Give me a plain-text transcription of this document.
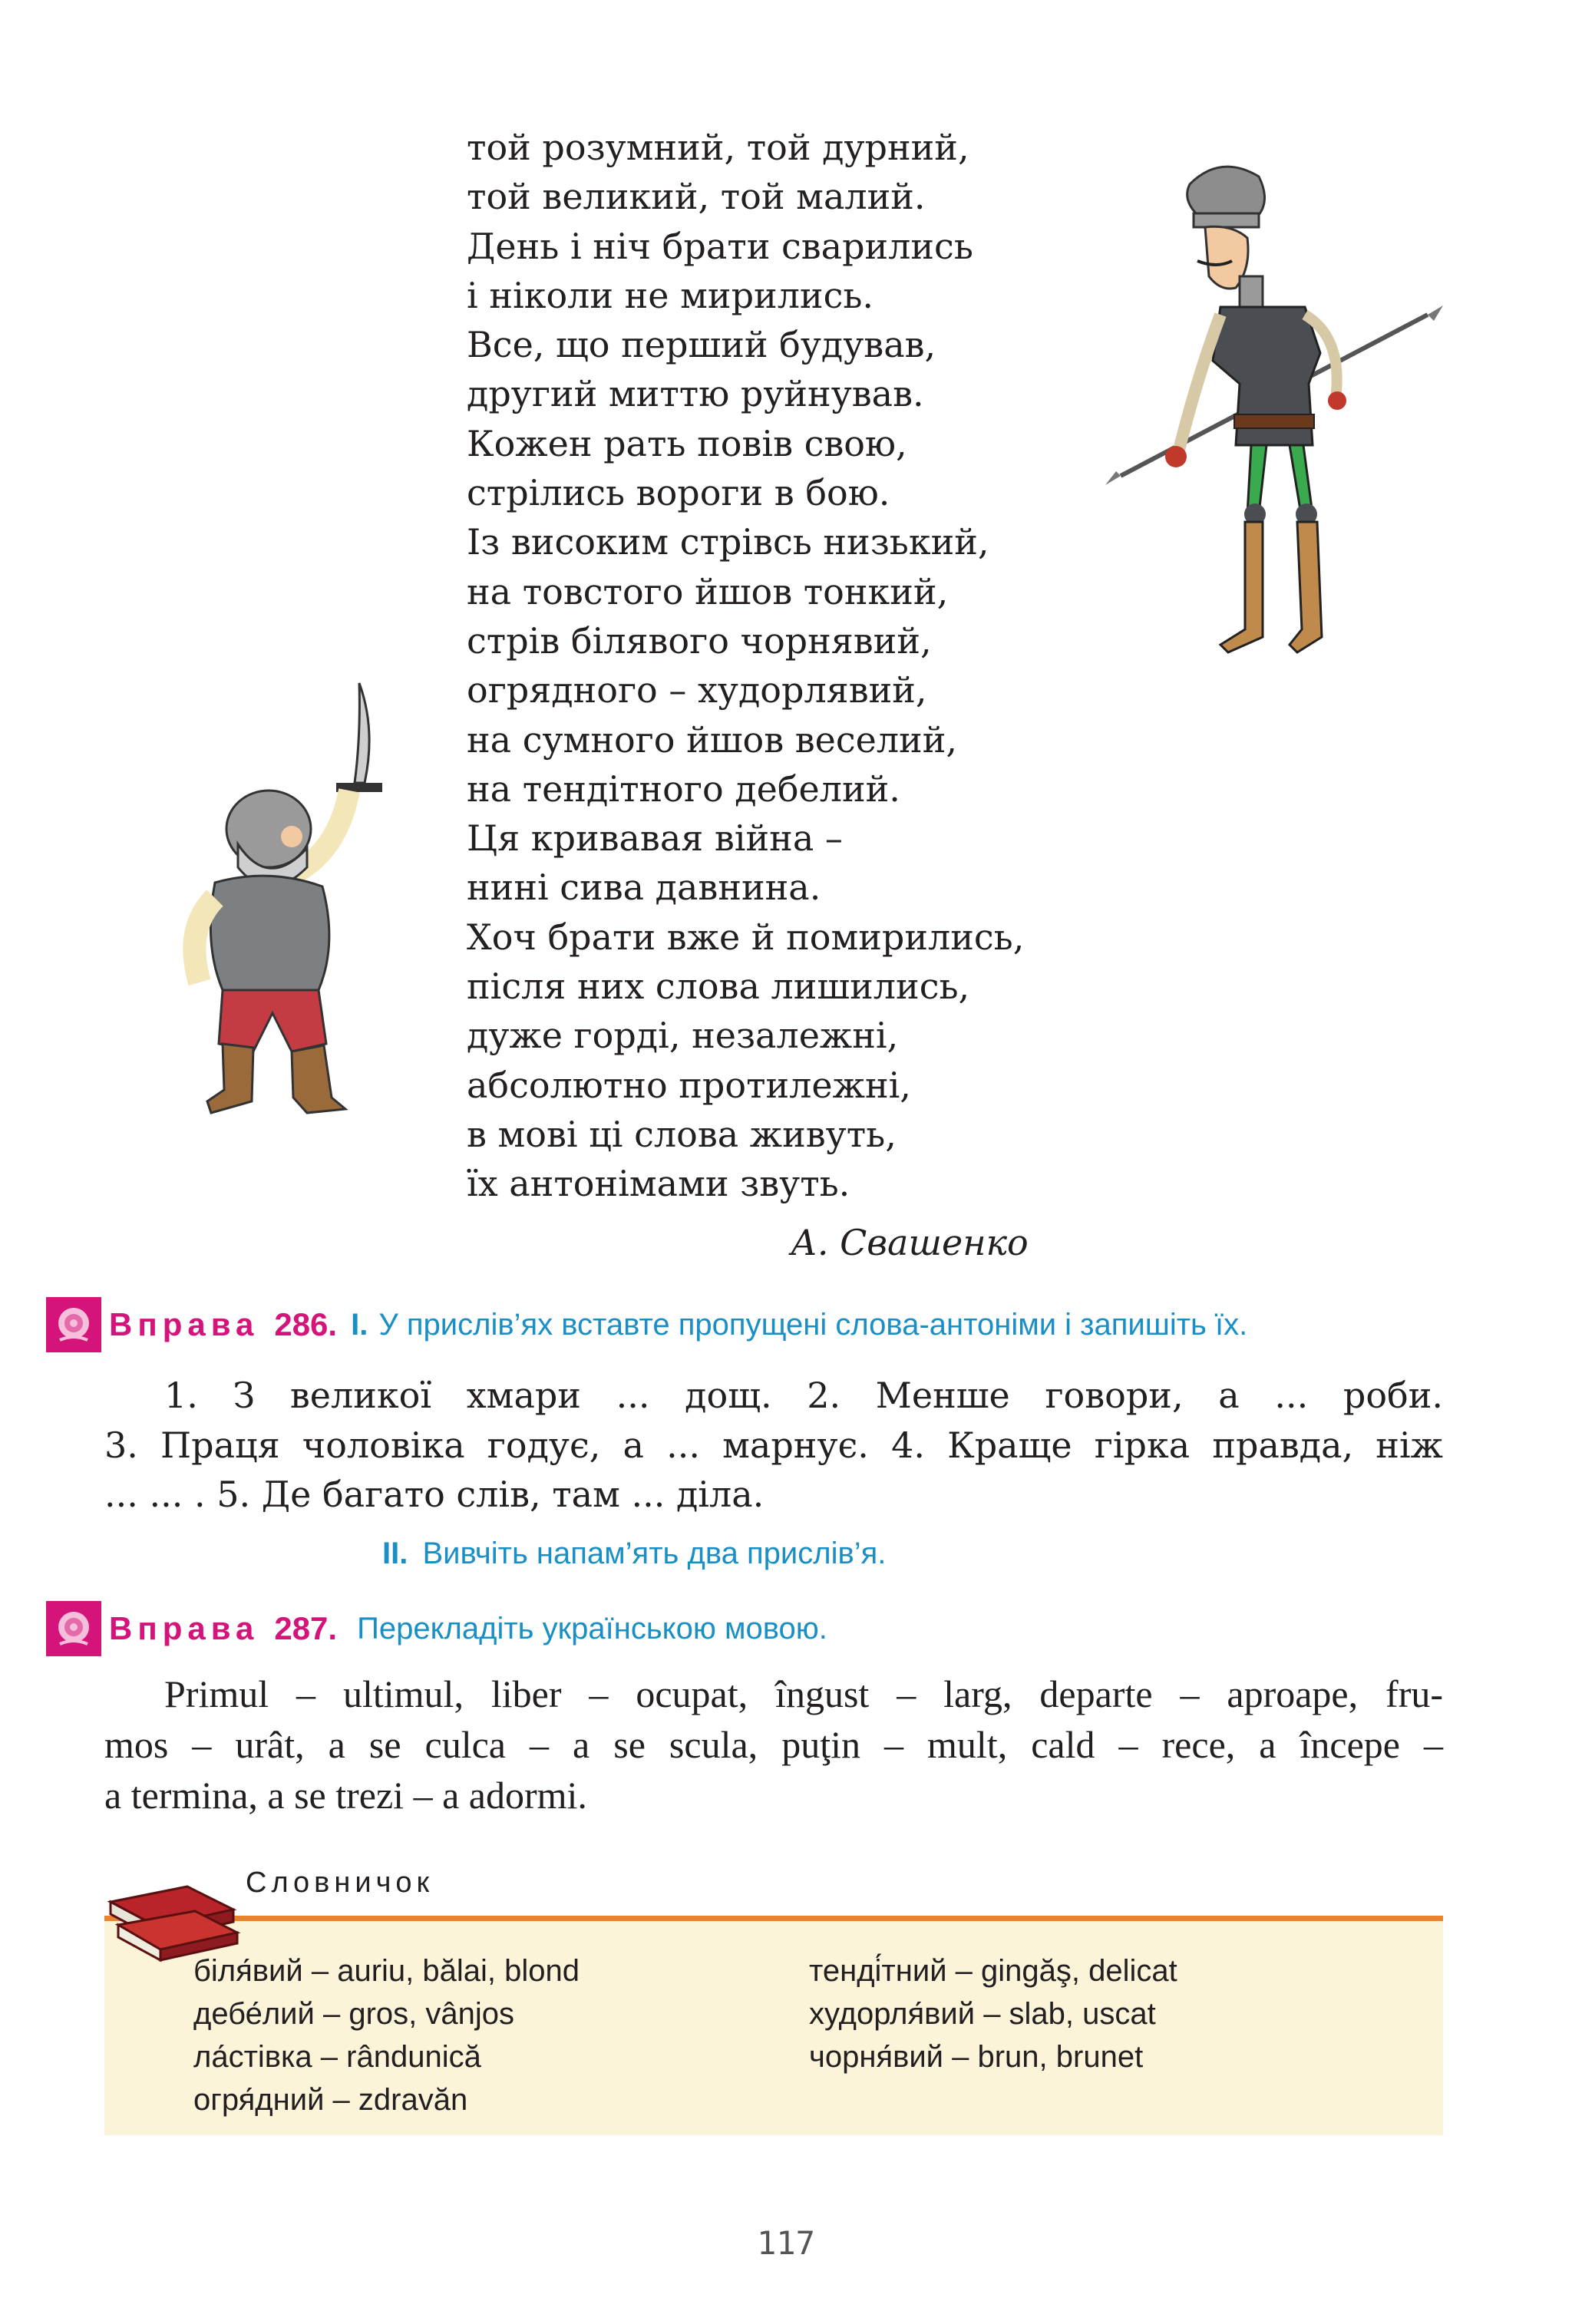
той розумний, той дурний,
той великий, той малий.
День і ніч брати сварились
і ніколи не мирились.
Все, що перший будував,
другий миттю руйнував.
Кожен рать повів свою,
стрілись вороги в бою.
Із високим стрівсь низький,
на товстого йшов тонкий,
стрів білявого чорнявий,
огрядного – худорлявий,
на сумного йшов веселий,
на тендітного дебелий.
Ця кривавая війна –
нині сива давнина.
Хоч брати вже й помирились,
після них слова лишились,
дуже горді, незалежні,
абсолютно протилежні,
в мові ці слова живуть,
їх антонімами звуть.
А. Свашенко
Вправа 286. I. У прислів’ях вставте пропущені слова-антоніми і запишіть їх.
1. З великої хмари ... дощ. 2. Менше говори, а ... роби.
3. Праця чоловіка годує, а ... марнує. 4. Краще гірка правда, ніж
... ... . 5. Де багато слів, там ... діла.
II. Вивчіть напам’ять два прислів’я.
Вправа 287. Перекладіть українською мовою.
Primul – ultimul, liber – ocupat, îngust – larg, departe – aproape, fru-
mos – urât, a se culca – a se scula, puţin – mult, cald – rece, a începe –
a termina, a se trezi – a adormi.
Словничок
біля́вий – auriu, bălai, blond
дебе́лий – gros, vânjos
ла́стівка – rândunică
огря́дний – zdravăn
тенді́тний – gingăş, delicat
худорля́вий – slab, uscat
чорня́вий – brun, brunet
117
